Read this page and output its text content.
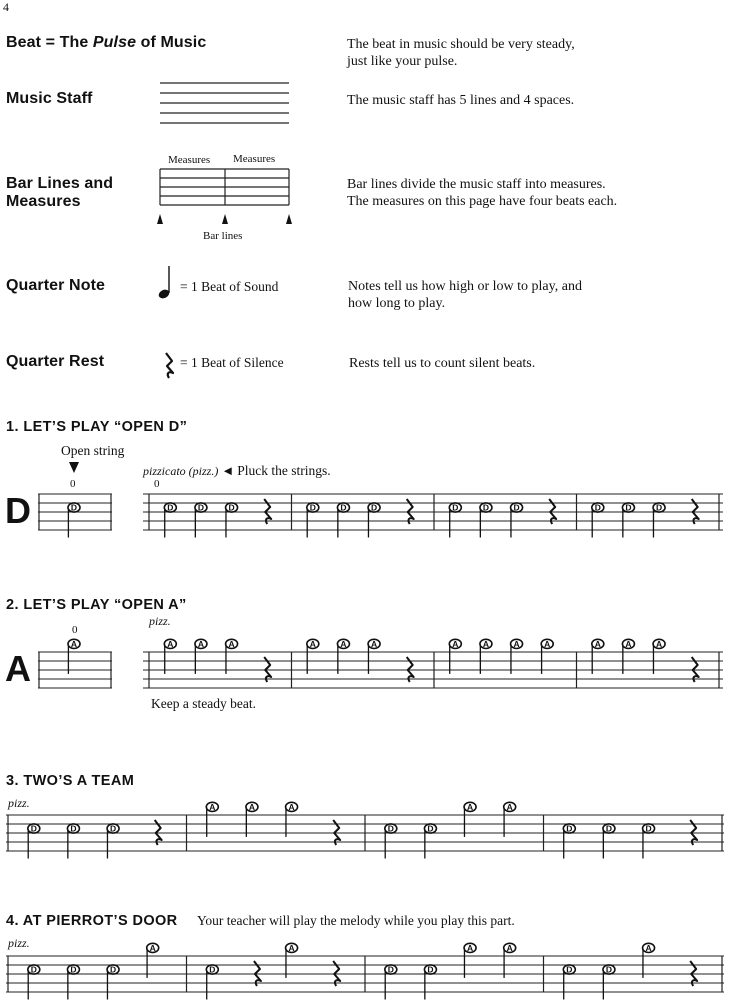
4
Beat = The Pulse of Music	The beat in music should be very steady,
just like your pulse.
Music Staff	The music staff has 5 lines and 4 spaces.
Measures Measures
Bar lines
Bar Lines and
Measures
Bar lines divide the music staff into measures.
The measures on this page have four beats each.
Quarter Note	= 1 Beat of Sound	Notes tell us how high or low to play, and
how long to play.
Quarter Rest	= 1 Beat of Silence	Rests tell us to count silent beats.
1. LET’S PLAY “OPEN D”
Open string
0
D
pizzicato (pizz.) ◄ Pluck the strings.
0
D	D	D	D	D	D	D	D	D	D	D	D	D
2. LET’S PLAY “OPEN A”
0
pizz.
A
A	A	A	A	A	A	A	A	A	A	A	A	A	A
Keep a steady beat.
3. TWO’S A TEAM
pizz.
D	D	D
A	A	A
D	D
A	A
D	D	D
4. AT PIERROT’S DOOR Your teacher will play the melody while you play this part.
pizz.
D	D	D
A
D
A
D	D
A	A
D	D
A
